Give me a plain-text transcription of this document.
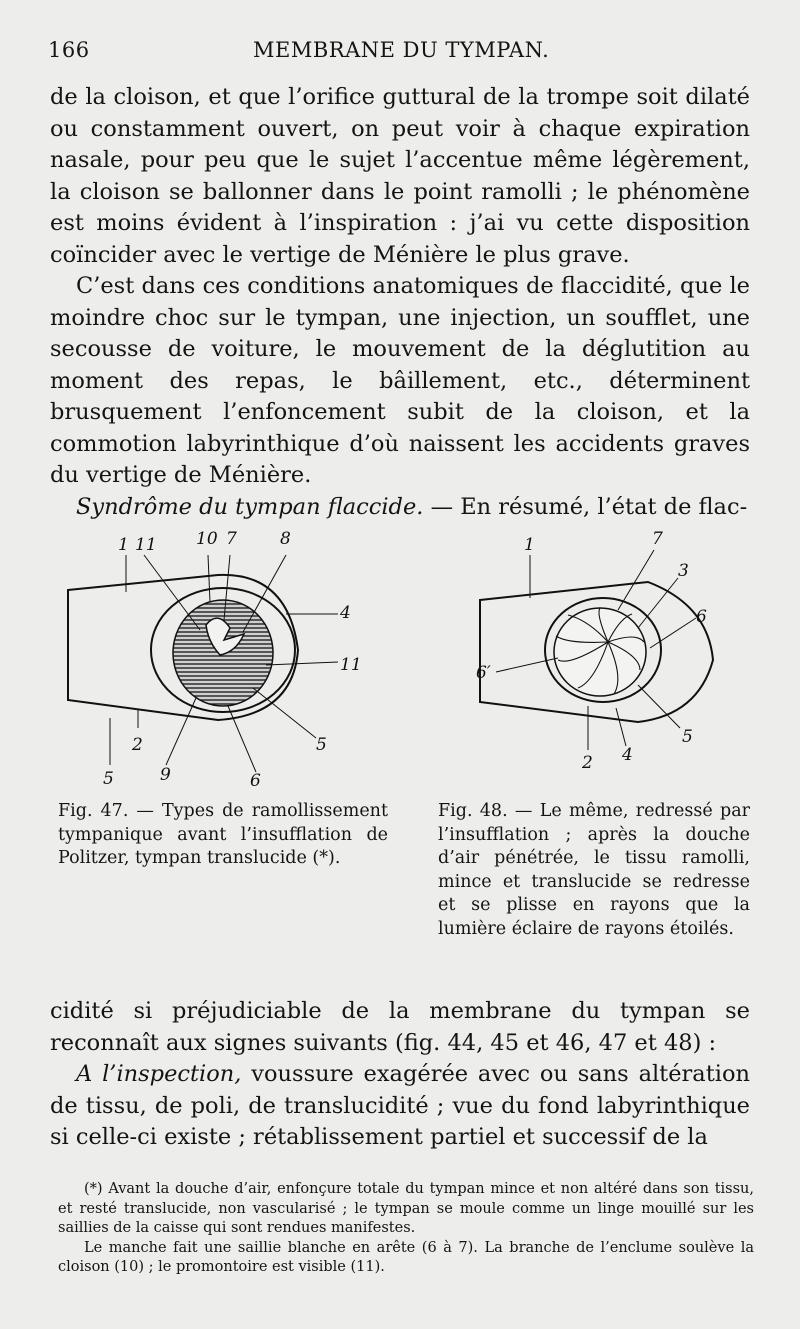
166	MEMBRANE DU TYMPAN.

de la cloison, et que l’orifice guttural de la trompe soit dilaté ou constamment ouvert, on peut voir à chaque expiration nasale, pour peu que le sujet l’accentue même légèrement, la cloison se ballonner dans le point ramolli ; le phénomène est moins évident à l’inspiration : j’ai vu cette disposition coïncider avec le vertige de Ménière le plus grave.

C’est dans ces conditions anatomiques de flaccidité, que le moindre choc sur le tympan, une injection, un soufflet, une secousse de voiture, le mouvement de la déglutition au moment des repas, le bâillement, etc., déterminent brusquement l’enfoncement subit de la cloison, et la commotion labyrinthique d’où naissent les accidents graves du vertige de Ménière.

Syndrôme du tympan flaccide. — En résumé, l’état de flac-

1 11 10 7	8
4
11
5
2
5	9	6
1	7
3
6
6′
5
2 4
Fig. 47. — Types de ramollissement tympanique avant l’insufflation de Politzer, tympan translucide (*).
Fig. 48. — Le même, redressé par l’insufflation ; après la douche d’air pénétrée, le tissu ramolli, mince et translucide se redresse et se plisse en rayons que la lumière éclaire de rayons étoilés.

cidité si préjudiciable de la membrane du tympan se reconnaît aux signes suivants (fig. 44, 45 et 46, 47 et 48) :

A l’inspection, voussure exagérée avec ou sans altération de tissu, de poli, de translucidité ; vue du fond labyrinthique si celle-ci existe ; rétablissement partiel et successif de la

(*) Avant la douche d’air, enfonçure totale du tympan mince et non altéré dans son tissu, et resté translucide, non vascularisé ; le tympan se moule comme un linge mouillé sur les saillies de la caisse qui sont rendues manifestes.

Le manche fait une saillie blanche en arête (6 à 7). La branche de l’enclume soulève la cloison (10) ; le promontoire est visible (11).
